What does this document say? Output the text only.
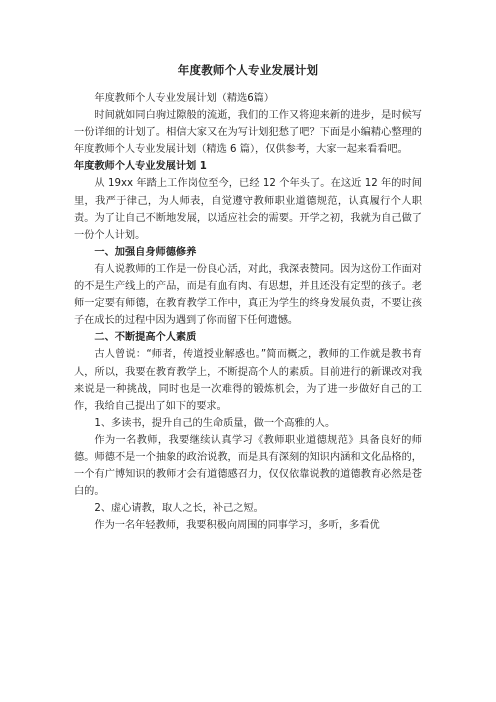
年度教师个人专业发展计划

年度教师个人专业发展计划（精选6篇）

时间就如同白驹过隙般的流逝，我们的工作又将迎来新的进步，是时候写一份详细的计划了。相信大家又在为写计划犯愁了吧？下面是小编精心整理的年度教师个人专业发展计划（精选 6 篇），仅供参考，大家一起来看看吧。

年度教师个人专业发展计划 1

从 19xx 年踏上工作岗位至今，已经 12 个年头了。在这近 12 年的时间里，我严于律己，为人师表，自觉遵守教师职业道德规范，认真履行个人职责。为了让自己不断地发展，以适应社会的需要。开学之初，我就为自己做了一份个人计划。

一、加强自身师德修养

有人说教师的工作是一份良心活，对此，我深表赞同。因为这份工作面对的不是生产线上的产品，而是有血有肉、有思想，并且还没有定型的孩子。老师一定要有师德，在教育教学工作中，真正为学生的终身发展负责，不要让孩子在成长的过程中因为遇到了你而留下任何遗憾。

二、不断提高个人素质

古人曾说：“师者，传道授业解惑也。”简而概之，教师的工作就是教书育人，所以，我要在教育教学上，不断提高个人的素质。目前进行的新课改对我来说是一种挑战，同时也是一次难得的锻炼机会，为了进一步做好自己的工作，我给自己提出了如下的要求。

1、多读书，提升自己的生命质量，做一个高雅的人。

作为一名教师，我要继续认真学习《教师职业道德规范》具备良好的师德。师德不是一个抽象的政治说教，而是具有深刻的知识内涵和文化品格的，一个有广博知识的教师才会有道德感召力，仅仅依靠说教的道德教育必然是苍白的。

2、虚心请教，取人之长，补己之短。

作为一名年轻教师，我要积极向周围的同事学习，多听，多看优
